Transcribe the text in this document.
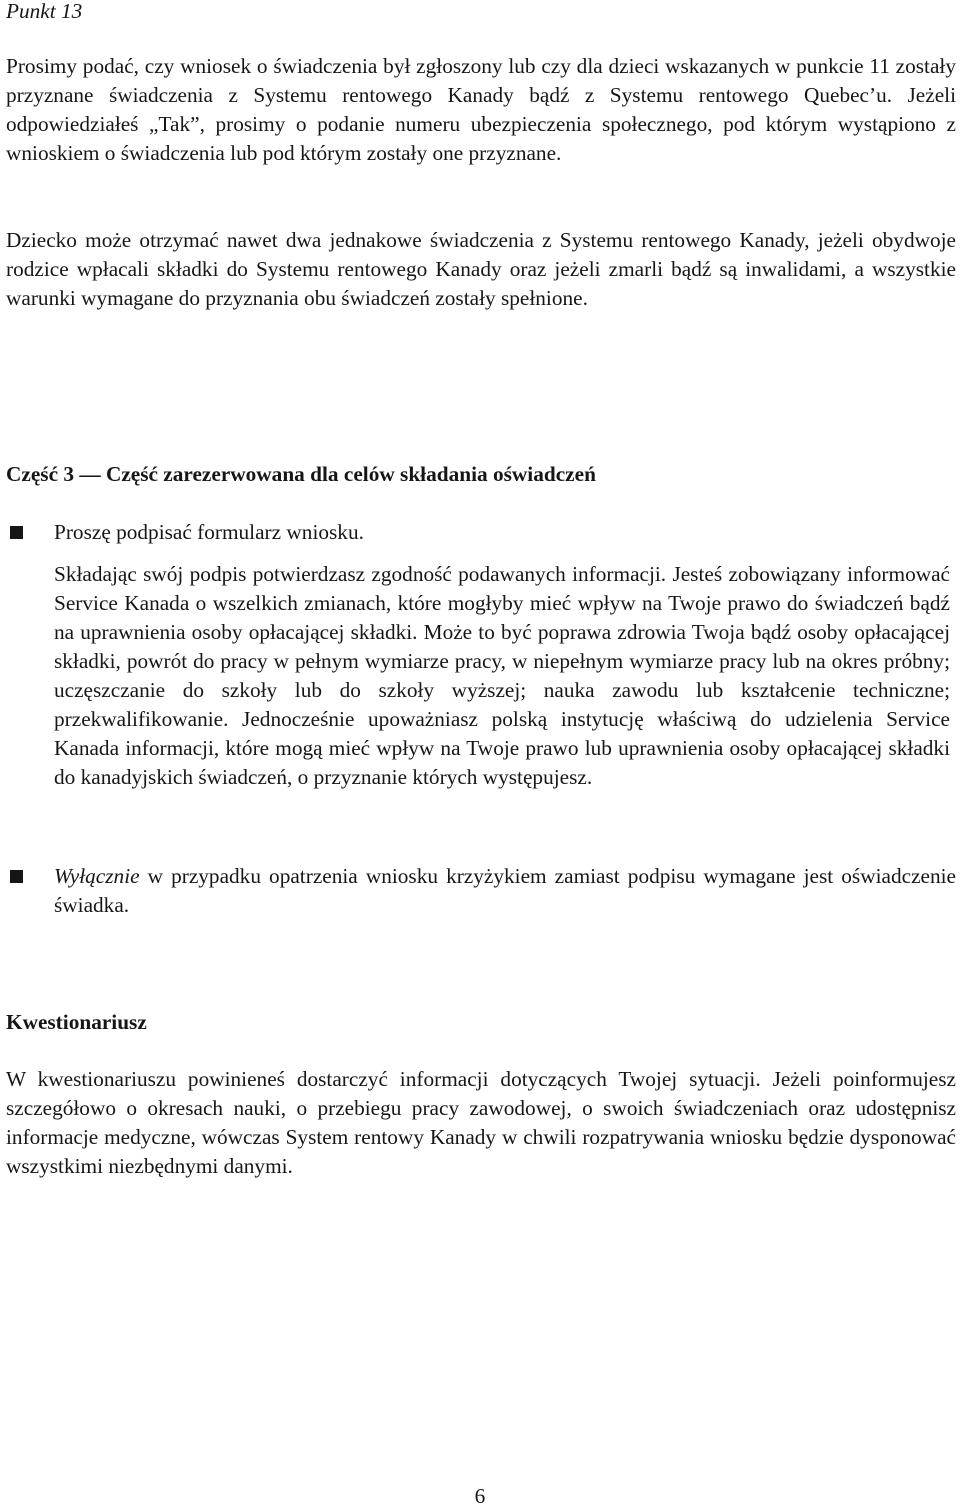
Punkt 13

Prosimy podać, czy wniosek o świadczenia był zgłoszony lub czy dla dzieci wskazanych w punkcie 11 zostały przyznane świadczenia z Systemu rentowego Kanady bądź z Systemu rentowego Quebec’u. Jeżeli odpowiedziałeś „Tak”, prosimy o podanie numeru ubezpieczenia społecznego, pod którym wystąpiono z wnioskiem o świadczenia lub pod którym zostały one przyznane.

Dziecko może otrzymać nawet dwa jednakowe świadczenia z Systemu rentowego Kanady, jeżeli obydwoje rodzice wpłacali składki do Systemu rentowego Kanady oraz jeżeli zmarli bądź są inwalidami, a wszystkie warunki wymagane do przyznania obu świadczeń zostały spełnione.

Część 3 — Część zarezerwowana dla celów składania oświadczeń

Proszę podpisać formularz wniosku.

Składając swój podpis potwierdzasz zgodność podawanych informacji. Jesteś zobowiązany informować Service Kanada o wszelkich zmianach, które mogłyby mieć wpływ na Twoje prawo do świadczeń bądź na uprawnienia osoby opłacającej składki. Może to być poprawa zdrowia Twoja bądź osoby opłacającej składki, powrót do pracy w pełnym wymiarze pracy, w niepełnym wymiarze pracy lub na okres próbny; uczęszczanie do szkoły lub do szkoły wyższej; nauka zawodu lub kształcenie techniczne; przekwalifikowanie. Jednocześnie upoważniasz polską instytucję właściwą do udzielenia Service Kanada informacji, które mogą mieć wpływ na Twoje prawo lub uprawnienia osoby opłacającej składki do kanadyjskich świadczeń, o przyznanie których występujesz.

Wyłącznie w przypadku opatrzenia wniosku krzyżykiem zamiast podpisu wymagane jest oświadczenie świadka.

Kwestionariusz

W kwestionariuszu powinieneś dostarczyć informacji dotyczących Twojej sytuacji. Jeżeli poinformujesz szczegółowo o okresach nauki, o przebiegu pracy zawodowej, o swoich świadczeniach oraz udostępnisz informacje medyczne, wówczas System rentowy Kanady w chwili rozpatrywania wniosku będzie dysponować wszystkimi niezbędnymi danymi.

6
